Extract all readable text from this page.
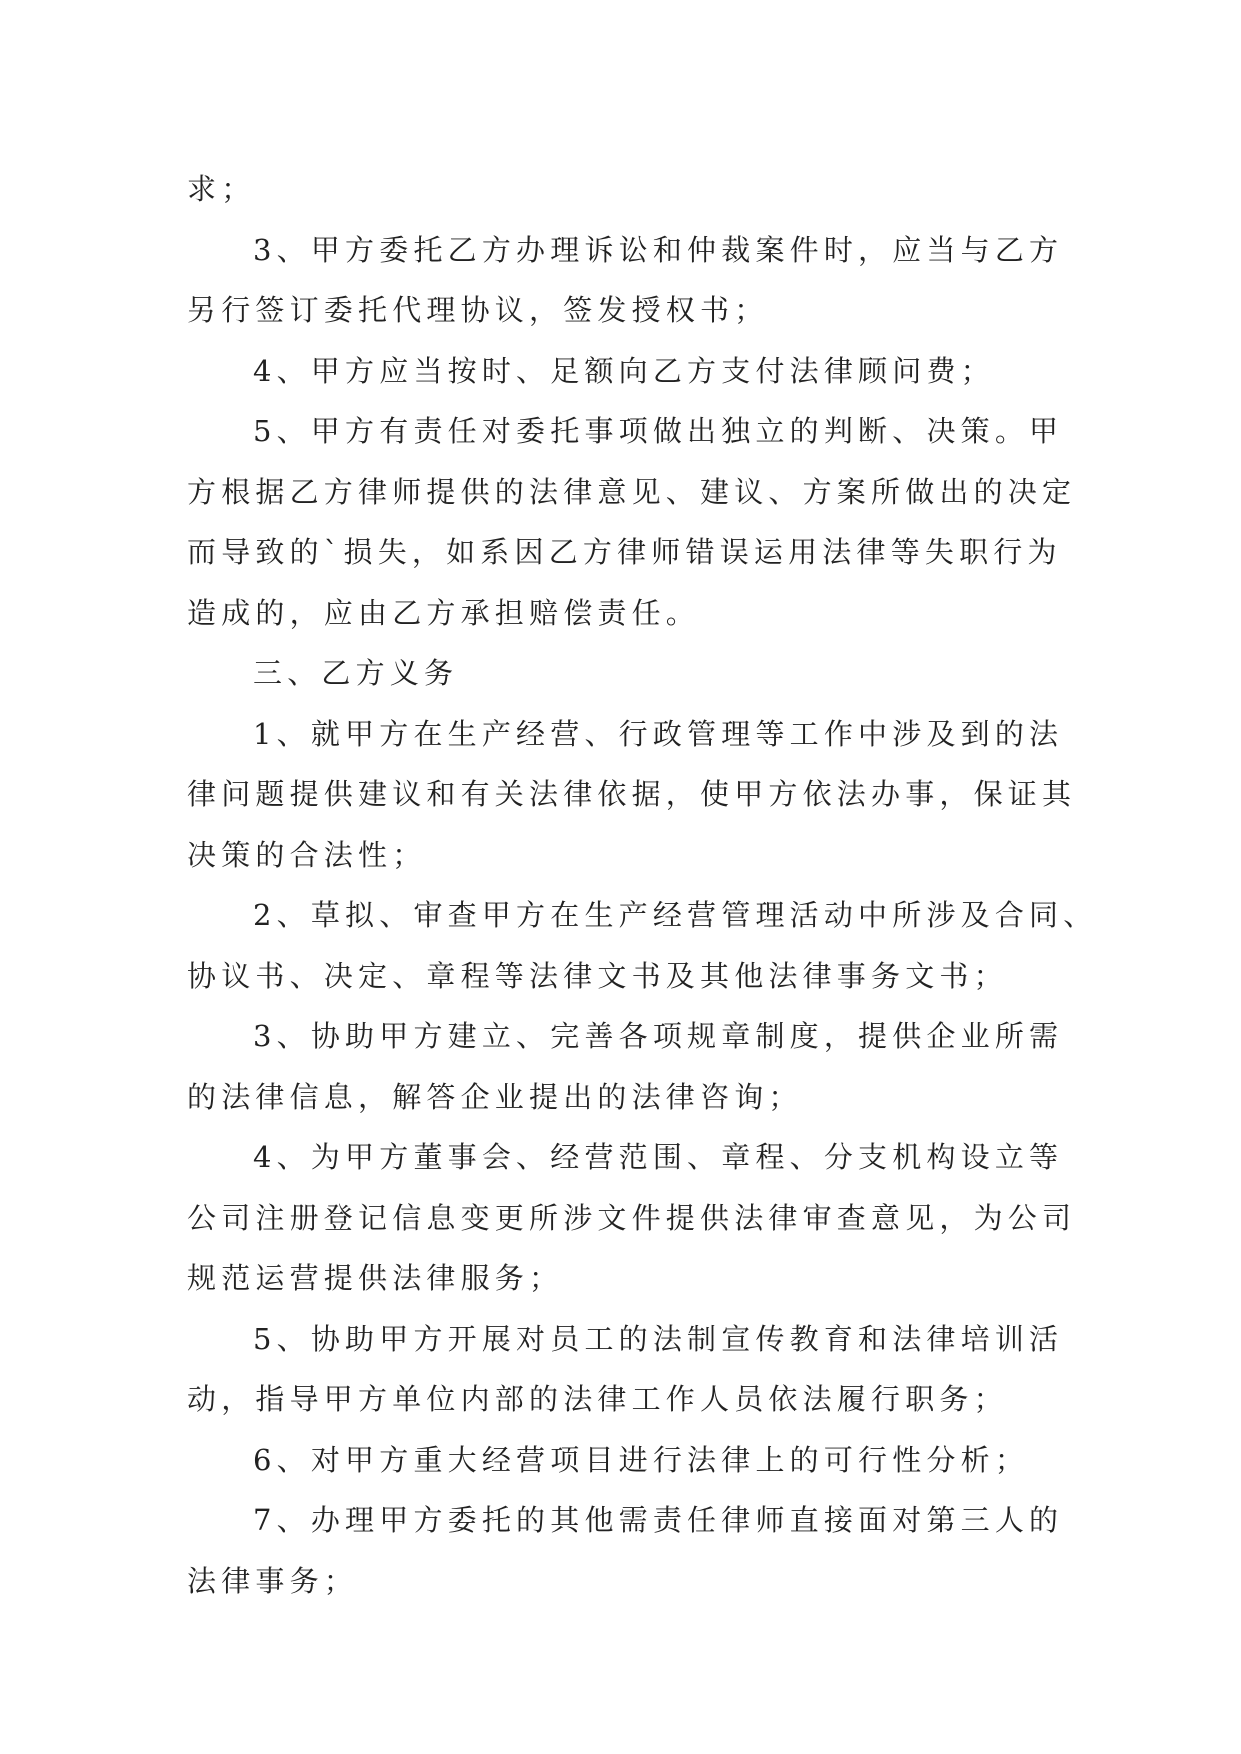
求；
3、甲方委托乙方办理诉讼和仲裁案件时，应当与乙方
另行签订委托代理协议，签发授权书；
4、甲方应当按时、足额向乙方支付法律顾问费；
5、甲方有责任对委托事项做出独立的判断、决策。甲
方根据乙方律师提供的法律意见、建议、方案所做出的决定
而导致的`损失，如系因乙方律师错误运用法律等失职行为
造成的，应由乙方承担赔偿责任。
三、乙方义务
1、就甲方在生产经营、行政管理等工作中涉及到的法
律问题提供建议和有关法律依据，使甲方依法办事，保证其
决策的合法性；
2、草拟、审查甲方在生产经营管理活动中所涉及合同、
协议书、决定、章程等法律文书及其他法律事务文书；
3、协助甲方建立、完善各项规章制度，提供企业所需
的法律信息，解答企业提出的法律咨询；
4、为甲方董事会、经营范围、章程、分支机构设立等
公司注册登记信息变更所涉文件提供法律审查意见，为公司
规范运营提供法律服务；
5、协助甲方开展对员工的法制宣传教育和法律培训活
动，指导甲方单位内部的法律工作人员依法履行职务；
6、对甲方重大经营项目进行法律上的可行性分析；
7、办理甲方委托的其他需责任律师直接面对第三人的
法律事务；
